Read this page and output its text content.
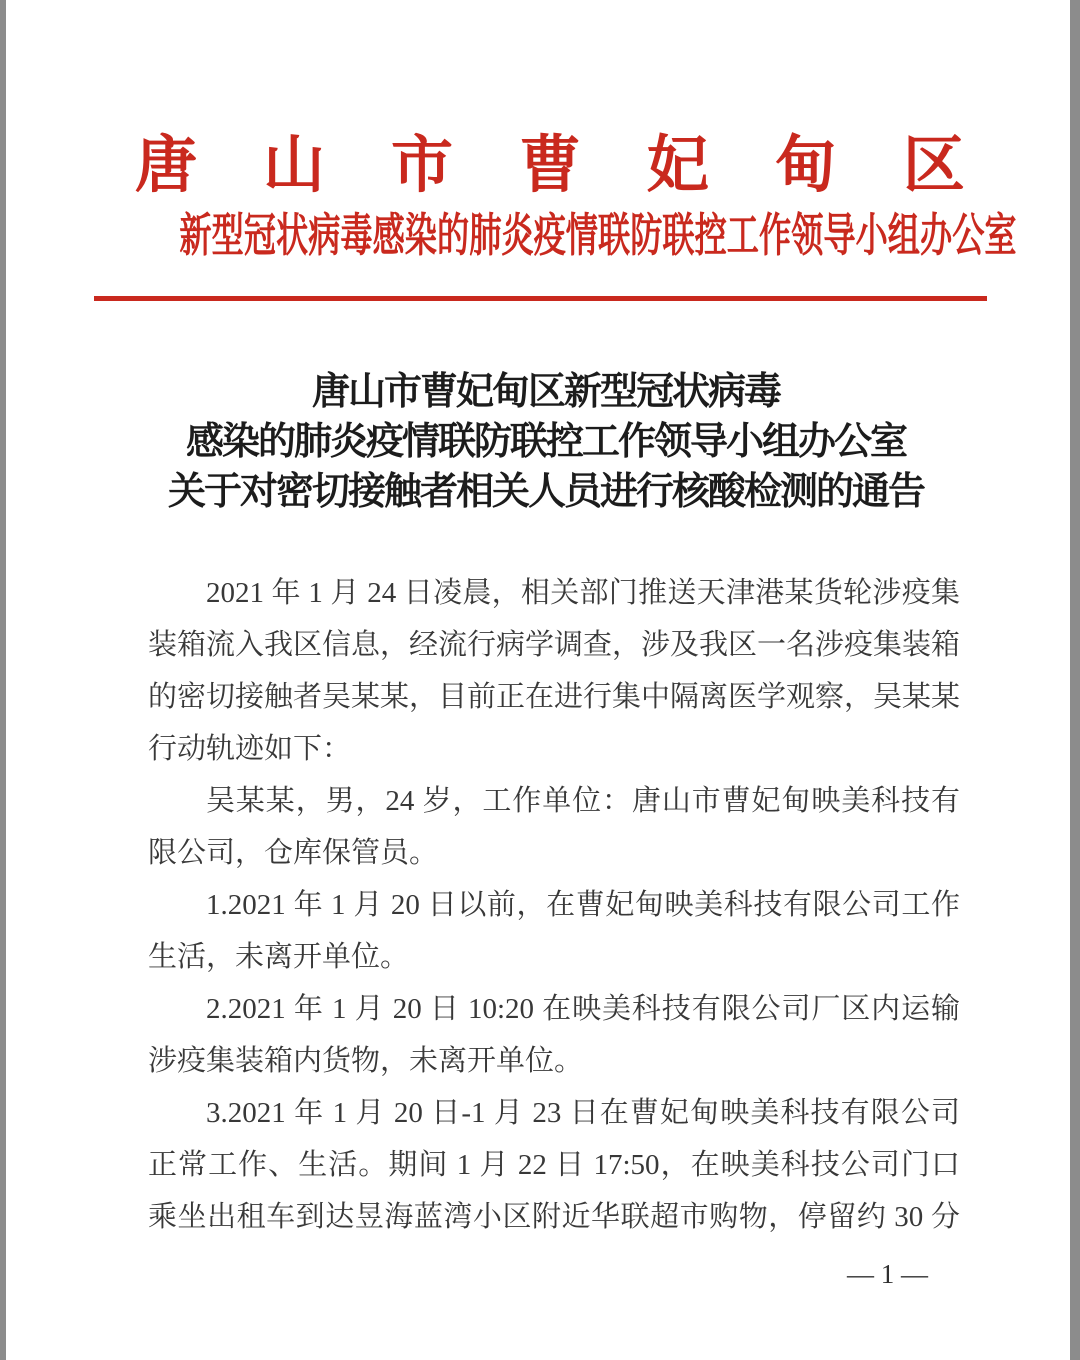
唐 山 市 曹 妃 甸 区
新型冠状病毒感染的肺炎疫情联防联控工作领导小组办公室
唐山市曹妃甸区新型冠状病毒
感染的肺炎疫情联防联控工作领导小组办公室
关于对密切接触者相关人员进行核酸检测的通告
2021 年 1 月 24 日凌晨，相关部门推送天津港某货轮涉疫集
装箱流入我区信息，经流行病学调查，涉及我区一名涉疫集装箱
的密切接触者吴某某，目前正在进行集中隔离医学观察，吴某某
行动轨迹如下：
吴某某，男，24 岁，工作单位：唐山市曹妃甸映美科技有
限公司，仓库保管员。
1.2021 年 1 月 20 日以前，在曹妃甸映美科技有限公司工作
生活，未离开单位。
2.2021 年 1 月 20 日 10:20 在映美科技有限公司厂区内运输
涉疫集装箱内货物，未离开单位。
3.2021 年 1 月 20 日-1 月 23 日在曹妃甸映美科技有限公司
正常工作、生活。期间 1 月 22 日 17:50，在映美科技公司门口
乘坐出租车到达昱海蓝湾小区附近华联超市购物，停留约 30 分
— 1 —
